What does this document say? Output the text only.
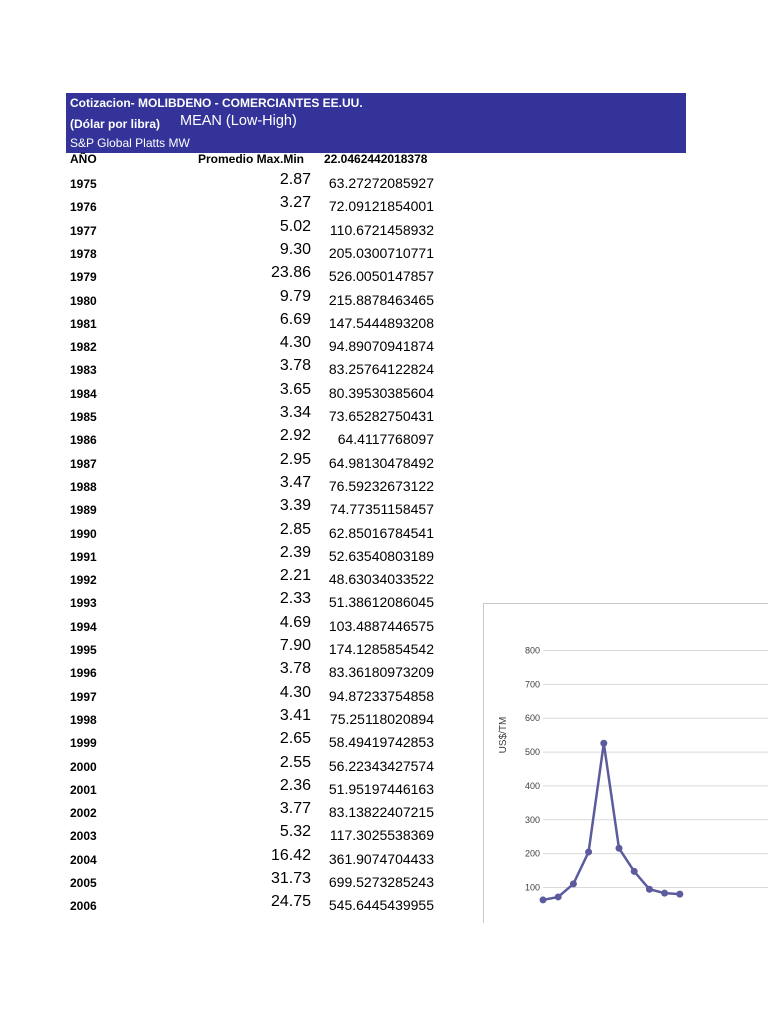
Cotizacion- MOLIBDENO - COMERCIANTES EE.UU.
(Dólar por libra) MEAN (Low-High)
S&P Global Platts MW
AÑO	Promedio Max.Min 22.0462442018378
1975	2.87	63.27272085927
1976	3.27	72.09121854001
1977	5.02	110.6721458932
1978	9.30	205.0300710771
1979	23.86	526.0050147857
1980	9.79	215.8878463465
1981	6.69	147.5444893208
1982	4.30	94.89070941874
1983	3.78	83.25764122824
1984	3.65	80.39530385604
1985	3.34	73.65282750431
1986	2.92	64.4117768097
1987	2.95	64.98130478492
1988	3.47	76.59232673122
1989	3.39	74.77351158457
1990	2.85	62.85016784541
1991	2.39	52.63540803189
1992	2.21	48.63034033522
1993	2.33	51.38612086045
1994	4.69	103.4887446575
1995	7.90	174.1285854542
1996	3.78	83.36180973209
1997	4.30	94.87233754858
1998	3.41	75.25118020894
1999	2.65	58.49419742853
2000	2.55	56.22343427574
2001	2.36	51.95197446163
2002	3.77	83.13822407215
2003	5.32	117.3025538369
2004	16.42	361.9074704433
2005	31.73	699.5273285243
2006	24.75	545.6445439955
100
200
300
400
500
600
700
800
US$/TM
